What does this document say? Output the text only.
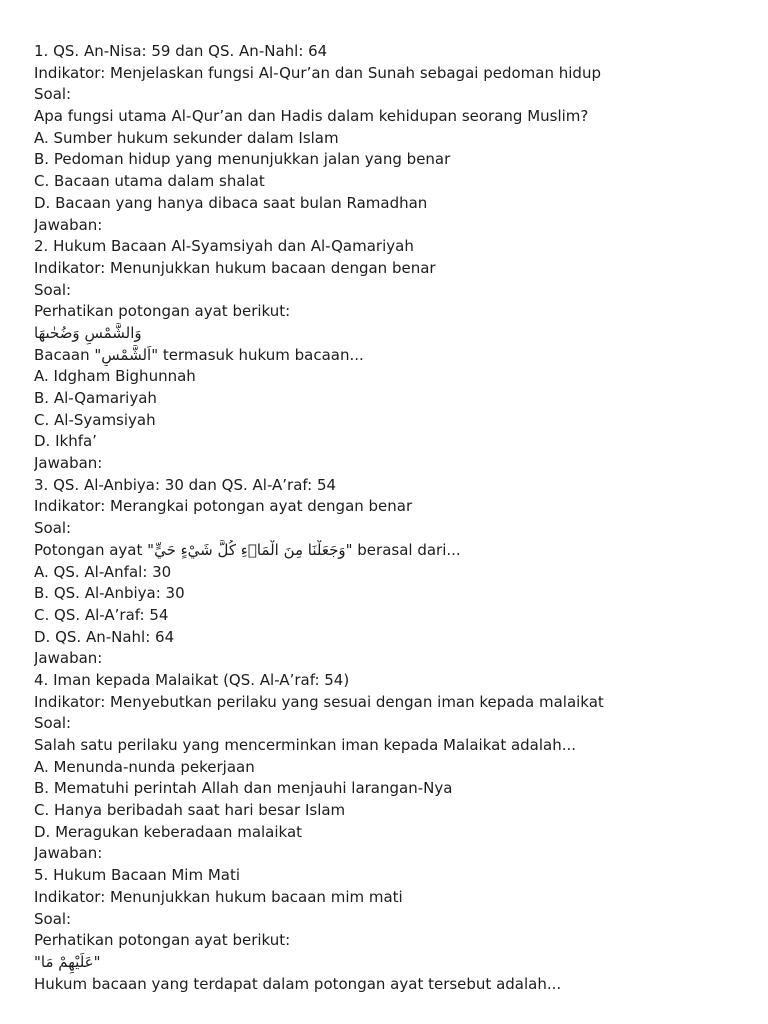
1. QS. An-Nisa: 59 dan QS. An-Nahl: 64
Indikator: Menjelaskan fungsi Al-Qur’an dan Sunah sebagai pedoman hidup
Soal:
Apa fungsi utama Al-Qur’an dan Hadis dalam kehidupan seorang Muslim?
A. Sumber hukum sekunder dalam Islam
B. Pedoman hidup yang menunjukkan jalan yang benar
C. Bacaan utama dalam shalat
D. Bacaan yang hanya dibaca saat bulan Ramadhan
Jawaban:
2. Hukum Bacaan Al-Syamsiyah dan Al-Qamariyah
Indikator: Menunjukkan hukum bacaan dengan benar
Soal:
Perhatikan potongan ayat berikut:
وَالشَّمْسِ وَضُحٰىهَا
Bacaan "اَلشَّمْسِ" termasuk hukum bacaan...
A. Idgham Bighunnah
B. Al-Qamariyah
C. Al-Syamsiyah
D. Ikhfa’
Jawaban:
3. QS. Al-Anbiya: 30 dan QS. Al-A’raf: 54
Indikator: Merangkai potongan ayat dengan benar
Soal:
Potongan ayat "وَجَعَلْنَا مِنَ الْمَاۤءِ كُلَّ شَيْءٍ حَيٍّ" berasal dari...
A. QS. Al-Anfal: 30
B. QS. Al-Anbiya: 30
C. QS. Al-A’raf: 54
D. QS. An-Nahl: 64
Jawaban:
4. Iman kepada Malaikat (QS. Al-A’raf: 54)
Indikator: Menyebutkan perilaku yang sesuai dengan iman kepada malaikat
Soal:
Salah satu perilaku yang mencerminkan iman kepada Malaikat adalah...
A. Menunda-nunda pekerjaan
B. Mematuhi perintah Allah dan menjauhi larangan-Nya
C. Hanya beribadah saat hari besar Islam
D. Meragukan keberadaan malaikat
Jawaban:
5. Hukum Bacaan Mim Mati
Indikator: Menunjukkan hukum bacaan mim mati
Soal:
Perhatikan potongan ayat berikut:
"عَلَيْهِمْ مَا"
Hukum bacaan yang terdapat dalam potongan ayat tersebut adalah...
